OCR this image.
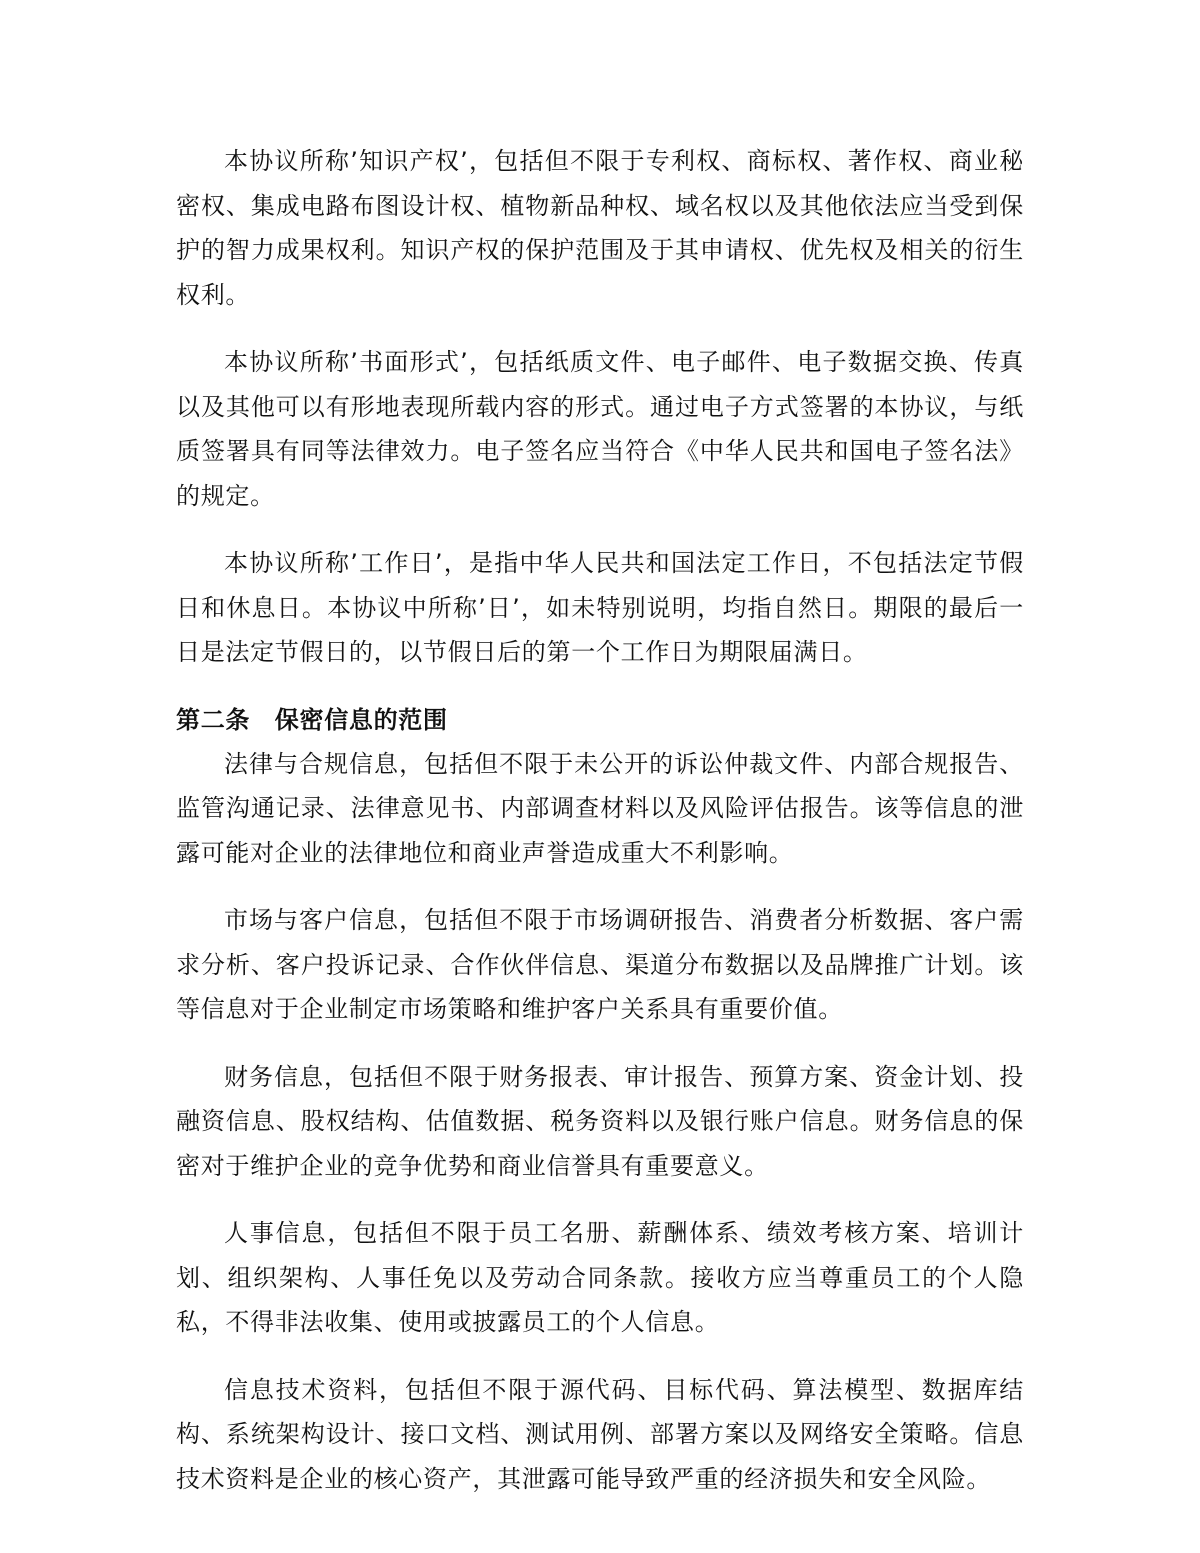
本协议所称’知识产权’，包括但不限于专利权、商标权、著作权、商业秘密权、集成电路布图设计权、植物新品种权、域名权以及其他依法应当受到保护的智力成果权利。知识产权的保护范围及于其申请权、优先权及相关的衍生权利。

本协议所称’书面形式’，包括纸质文件、电子邮件、电子数据交换、传真以及其他可以有形地表现所载内容的形式。通过电子方式签署的本协议，与纸质签署具有同等法律效力。电子签名应当符合《中华人民共和国电子签名法》的规定。

本协议所称’工作日’，是指中华人民共和国法定工作日，不包括法定节假日和休息日。本协议中所称’日’，如未特别说明，均指自然日。期限的最后一日是法定节假日的，以节假日后的第一个工作日为期限届满日。

第二条　保密信息的范围

法律与合规信息，包括但不限于未公开的诉讼仲裁文件、内部合规报告、监管沟通记录、法律意见书、内部调查材料以及风险评估报告。该等信息的泄露可能对企业的法律地位和商业声誉造成重大不利影响。

市场与客户信息，包括但不限于市场调研报告、消费者分析数据、客户需求分析、客户投诉记录、合作伙伴信息、渠道分布数据以及品牌推广计划。该等信息对于企业制定市场策略和维护客户关系具有重要价值。

财务信息，包括但不限于财务报表、审计报告、预算方案、资金计划、投融资信息、股权结构、估值数据、税务资料以及银行账户信息。财务信息的保密对于维护企业的竞争优势和商业信誉具有重要意义。

人事信息，包括但不限于员工名册、薪酬体系、绩效考核方案、培训计划、组织架构、人事任免以及劳动合同条款。接收方应当尊重员工的个人隐私，不得非法收集、使用或披露员工的个人信息。

信息技术资料，包括但不限于源代码、目标代码、算法模型、数据库结构、系统架构设计、接口文档、测试用例、部署方案以及网络安全策略。信息技术资料是企业的核心资产，其泄露可能导致严重的经济损失和安全风险。
